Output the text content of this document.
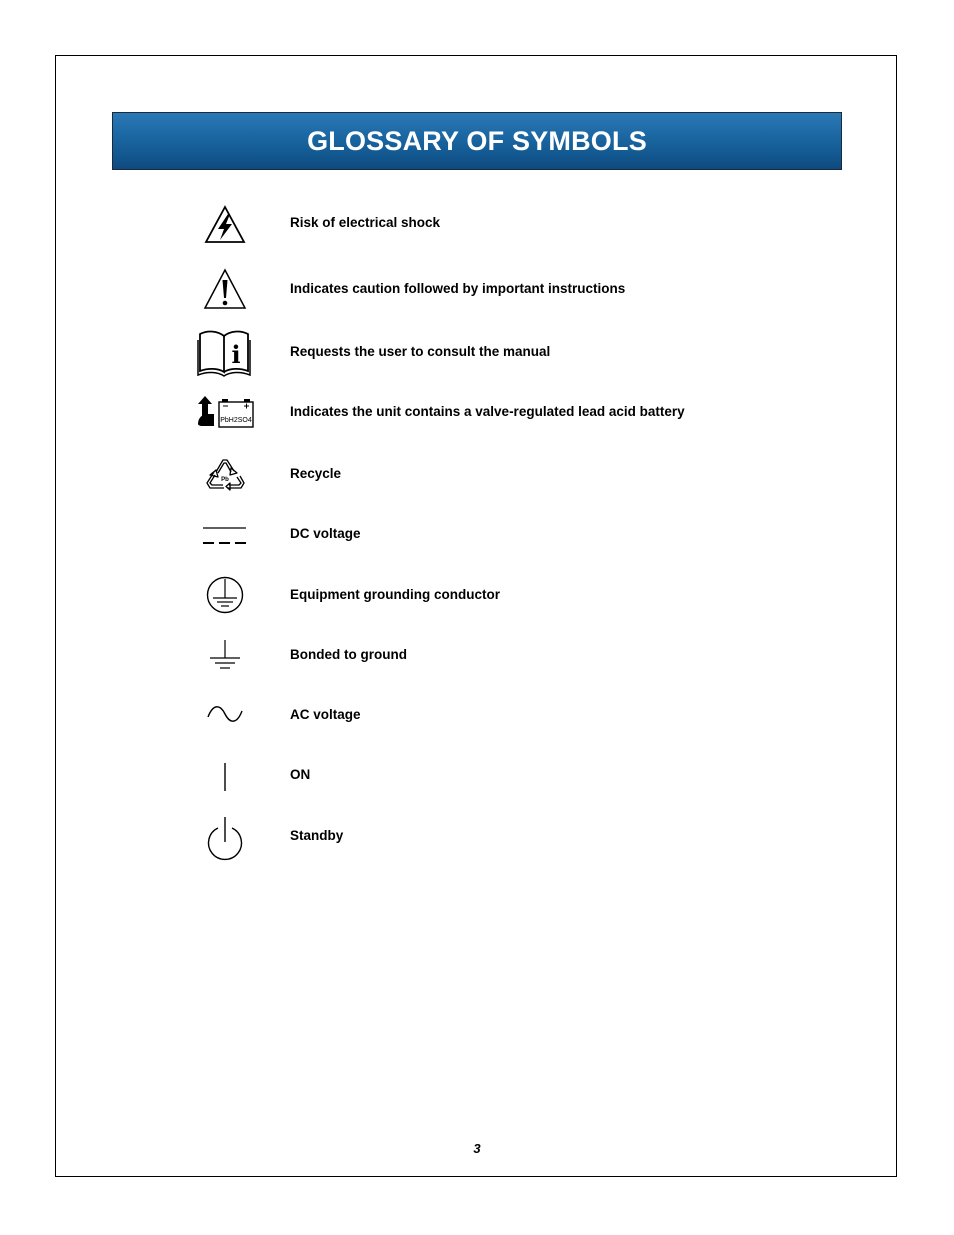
GLOSSARY OF SYMBOLS
Risk of electrical shock
Indicates caution followed by important instructions
i	Requests the user to consult the manual
PbH2SO4
Indicates the unit contains a valve-regulated lead acid battery
Pb	Recycle
DC voltage
Equipment grounding conductor
Bonded to ground
AC voltage
ON
Standby
3
